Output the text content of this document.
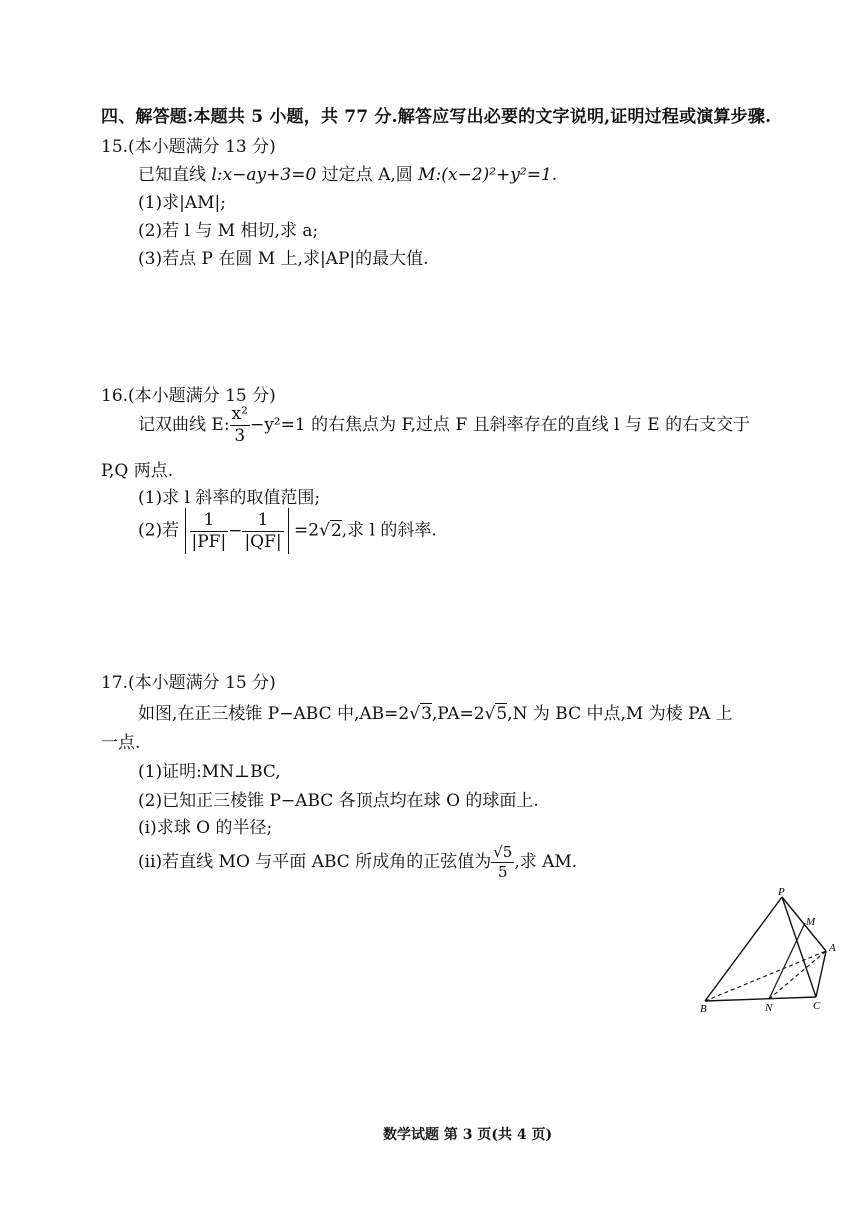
四、解答题:本题共 5 小题，共 77 分.解答应写出必要的文字说明,证明过程或演算步骤.
15.(本小题满分 13 分)
已知直线 l:x−ay+3=0 过定点 A,圆 M:(x−2)²+y²=1.
(1)求|AM|;
(2)若 l 与 M 相切,求 a;
(3)若点 P 在圆 M 上,求|AP|的最大值.
16.(本小题满分 15 分)
记双曲线 E: $\frac{\text{x²}}{3} -y^2=1$ 的右焦点为 F,过点 F 且斜率存在的直线 l 与 E 的右支交于
P,Q 两点.
(1)求 l 斜率的取值范围;
(2)若 $\frac{1}{|PF|} - \frac{1}{|QF|} =2√2$,求 l 的斜率.
17.(本小题满分 15 分)
如图,在正三棱锥 P−ABC 中,AB=2√3,PA=2√5,N 为 BC 中点,M 为棱 PA 上
一点.
(1)证明:MN⊥BC,
(2)已知正三棱锥 P−ABC 各顶点均在球 O 的球面上.
(ⅰ)求球 O 的半径;
(ⅱ)若直线 MO 与平面 ABC 所成角的正弦值为 $\frac{√5}{5}$ ,求 AM.
P
M
A
B	N	C
数学试题 第 3 页(共 4 页)
